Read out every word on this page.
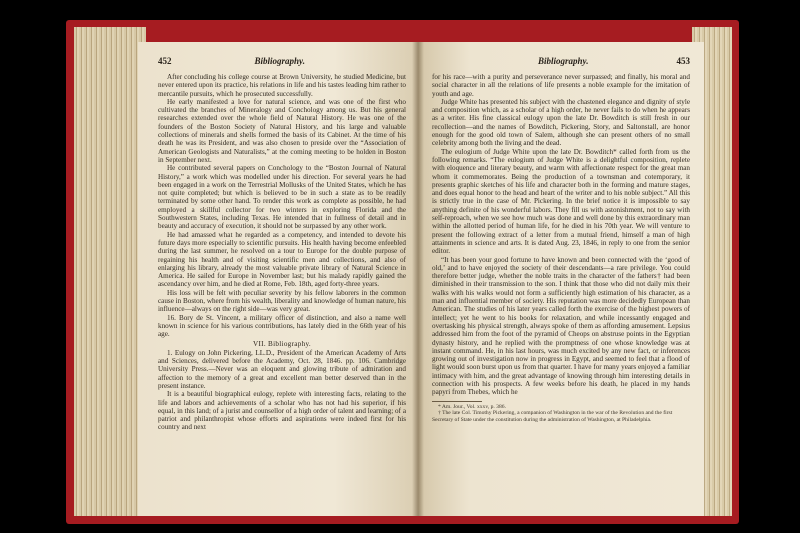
452	Bibliography.

After concluding his college course at Brown University, he studied Medicine, but never entered upon its practice, his relations in life and his tastes leading him rather to mercantile pursuits, which he prosecuted successfully.

He early manifested a love for natural science, and was one of the first who cultivated the branches of Mineralogy and Conchology among us. But his general researches extended over the whole field of Natural History. He was one of the founders of the Boston Society of Natural History, and his large and valuable collections of minerals and shells formed the basis of its Cabinet. At the time of his death he was its President, and was also chosen to preside over the “Association of American Geologists and Naturalists,” at the coming meeting to be holden in Boston in September next.

He contributed several papers on Conchology to the “Boston Journal of Natural History,” a work which was modelled under his direction. For several years he had been engaged in a work on the Terrestrial Mollusks of the United States, which he has not quite completed; but which is believed to be in such a state as to be readily terminated by some other hand. To render this work as complete as possible, he had employed a skillful collector for two winters in exploring Florida and the Southwestern States, including Texas. He intended that in fullness of detail and in beauty and accuracy of execution, it should not be surpassed by any other work.

He had amassed what he regarded as a competency, and intended to devote his future days more especially to scientific pursuits. His health having become enfeebled during the last summer, he resolved on a tour to Europe for the double purpose of regaining his health and of visiting scientific men and collections, and also of enlarging his library, already the most valuable private library of Natural Science in America. He sailed for Europe in November last; but his malady rapidly gained the ascendancy over him, and he died at Rome, Feb. 18th, aged forty-three years.

His loss will be felt with peculiar severity by his fellow laborers in the common cause in Boston, where from his wealth, liberality and knowledge of human nature, his influence—always on the right side—was very great.

16. Bory de St. Vincent, a military officer of distinction, and also a name well known in science for his various contributions, has lately died in the 66th year of his age.

VII. Bibliography.

1. Eulogy on John Pickering, LL.D., President of the American Academy of Arts and Sciences, delivered before the Academy, Oct. 28, 1846. pp. 106. Cambridge University Press.—Never was an eloquent and glowing tribute of admiration and affection to the memory of a great and excellent man better deserved than in the present instance.

It is a beautiful biographical eulogy, replete with interesting facts, relating to the life and labors and achievements of a scholar who has not had his superior, if his equal, in this land; of a jurist and counsellor of a high order of talent and learning; of a patriot and philanthropist whose efforts and aspirations were indeed first for his country and next

Bibliography.	453

for his race—with a purity and perseverance never surpassed; and finally, his moral and social character in all the relations of life presents a noble example for the imitation of youth and age.

Judge White has presented his subject with the chastened elegance and dignity of style and composition which, as a scholar of a high order, he never fails to do when he appears as a writer. His fine classical eulogy upon the late Dr. Bowditch is still fresh in our recollection—and the names of Bowditch, Pickering, Story, and Saltonstall, are honor enough for the good old town of Salem, although she can present others of no small celebrity among both the living and the dead.

The eulogium of Judge White upon the late Dr. Bowditch* called forth from us the following remarks. “The eulogium of Judge White is a delightful composition, replete with eloquence and literary beauty, and warm with affectionate respect for the great man whom it commemorates. Being the production of a townsman and cotemporary, it presents graphic sketches of his life and character both in the forming and mature stages, and does equal honor to the head and heart of the writer and to his noble subject.” All this is strictly true in the case of Mr. Pickering. In the brief notice it is impossible to say anything definite of his wonderful labors. They fill us with astonishment, not to say with self-reproach, when we see how much was done and well done by this extraordinary man within the allotted period of human life, for he died in his 70th year. We will venture to present the following extract of a letter from a mutual friend, himself a man of high attainments in science and arts. It is dated Aug. 23, 1846, in reply to one from the senior editor.

“It has been your good fortune to have known and been connected with the ‘good of old,’ and to have enjoyed the society of their descendants—a rare privilege. You could therefore better judge, whether the noble traits in the character of the fathers† had been diminished in their transmission to the son. I think that those who did not daily mix their walks with his walks would not form a sufficiently high estimation of his character, as a man and influential member of society. His reputation was more decidedly European than American. The studies of his later years called forth the exercise of the highest powers of intellect; yet he went to his books for relaxation, and while incessantly engaged and overtasking his physical strength, always spoke of them as affording amusement. Lepsius addressed him from the foot of the pyramid of Cheops on abstruse points in the Egyptian dynasty history, and he replied with the promptness of one whose knowledge was at instant command. He, in his last hours, was much excited by any new fact, or inferences growing out of investigation now in progress in Egypt, and seemed to feel that a flood of light would soon burst upon us from that quarter. I have for many years enjoyed a familiar intimacy with him, and the great advantage of knowing through him interesting details in connection with his prospects. A few weeks before his death, he placed in my hands papyri from Thebes, which he

* Am. Jour., Vol. xxxv, p. 386.

† The late Col. Timothy Pickering, a companion of Washington in the war of the Revolution and the first Secretary of State under the constitution during the administration of Washington, at Philadelphia.
